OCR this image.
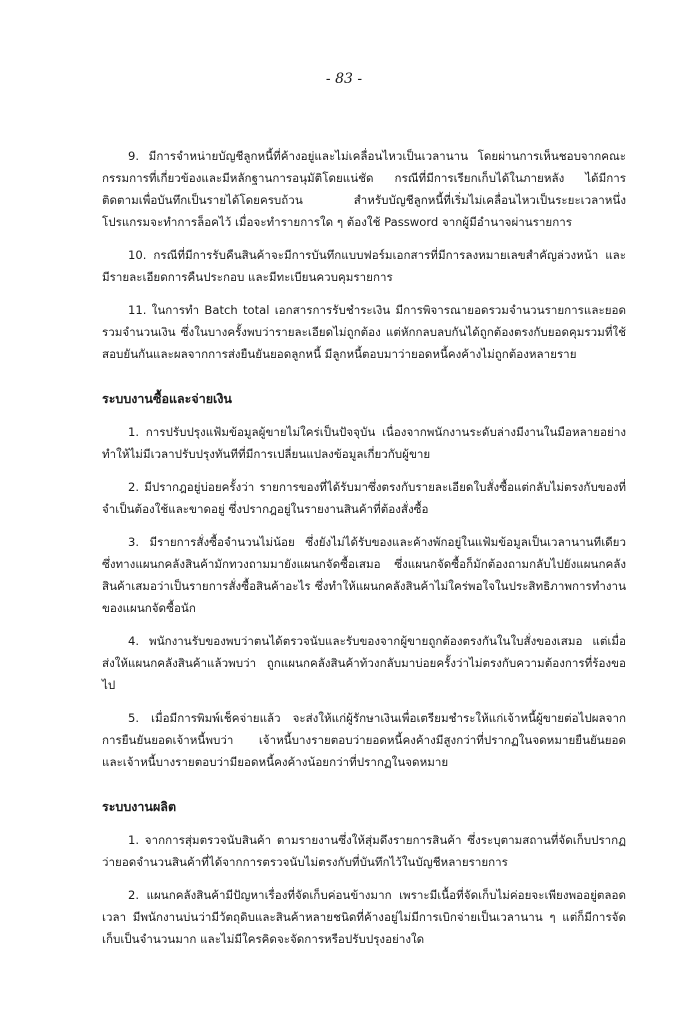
- 83 -

9. มีการจำหน่ายบัญชีลูกหนี้ที่ค้างอยู่และไม่เคลื่อนไหวเป็นเวลานาน โดยผ่านการเห็นชอบจากคณะกรรมการที่เกี่ยวข้องและมีหลักฐานการอนุมัติโดยแน่ชัด กรณีที่มีการเรียกเก็บได้ในภายหลัง ได้มีการติดตามเพื่อบันทึกเป็นรายได้โดยครบถ้วน สำหรับบัญชีลูกหนี้ที่เริ่มไม่เคลื่อนไหวเป็นระยะเวลาหนึ่ง โปรแกรมจะทำการล็อคไว้ เมื่อจะทำรายการใด ๆ ต้องใช้ Password จากผู้มีอำนาจผ่านรายการ

10. กรณีที่มีการรับคืนสินค้าจะมีการบันทึกแบบฟอร์มเอกสารที่มีการลงหมายเลขสำคัญล่วงหน้า และมีรายละเอียดการคืนประกอบ และมีทะเบียนควบคุมรายการ

11. ในการทำ Batch total เอกสารการรับชำระเงิน มีการพิจารณายอดรวมจำนวนรายการและยอดรวมจำนวนเงิน ซึ่งในบางครั้งพบว่ารายละเอียดไม่ถูกต้อง แต่หักกลบลบกันได้ถูกต้องตรงกับยอดคุมรวมที่ใช้สอบยันกันและผลจากการส่งยืนยันยอดลูกหนี้ มีลูกหนี้ตอบมาว่ายอดหนี้คงค้างไม่ถูกต้องหลายราย

ระบบงานซื้อและจ่ายเงิน

1. การปรับปรุงแฟ้มข้อมูลผู้ขายไม่ใคร่เป็นปัจจุบัน เนื่องจากพนักงานระดับล่างมีงานในมือหลายอย่างทำให้ไม่มีเวลาปรับปรุงทันทีที่มีการเปลี่ยนแปลงข้อมูลเกี่ยวกับผู้ขาย

2. มีปรากฎอยู่บ่อยครั้งว่า รายการของที่ได้รับมาซึ่งตรงกับรายละเอียดใบสั่งซื้อแต่กลับไม่ตรงกับของที่จำเป็นต้องใช้และขาดอยู่ ซึ่งปรากฎอยู่ในรายงานสินค้าที่ต้องสั่งซื้อ

3. มีรายการสั่งซื้อจำนวนไม่น้อย ซึ่งยังไม่ได้รับของและค้างพักอยู่ในแฟ้มข้อมูลเป็นเวลานานทีเดียว ซึ่งทางแผนกคลังสินค้ามักทวงถามมายังแผนกจัดซื้อเสมอ ซึ่งแผนกจัดซื้อก็มักต้องถามกลับไปยังแผนกคลังสินค้าเสมอว่าเป็นรายการสั่งซื้อสินค้าอะไร ซึ่งทำให้แผนกคลังสินค้าไม่ใคร่พอใจในประสิทธิภาพการทำงานของแผนกจัดซื้อนัก

4. พนักงานรับของพบว่าตนได้ตรวจนับและรับของจากผู้ขายถูกต้องตรงกันในใบสั่งของเสมอ แต่เมื่อส่งให้แผนกคลังสินค้าแล้วพบว่า ถูกแผนกคลังสินค้าท้วงกลับมาบ่อยครั้งว่าไม่ตรงกับความต้องการที่ร้องขอไป

5. เมื่อมีการพิมพ์เช็คจ่ายแล้ว จะส่งให้แก่ผู้รักษาเงินเพื่อเตรียมชำระให้แก่เจ้าหนี้ผู้ขายต่อไปผลจากการยืนยันยอดเจ้าหนี้พบว่า เจ้าหนี้บางรายตอบว่ายอดหนี้คงค้างมีสูงกว่าที่ปรากฏในจดหมายยืนยันยอด และเจ้าหนี้บางรายตอบว่ามียอดหนี้คงค้างน้อยกว่าที่ปรากฏในจดหมาย

ระบบงานผลิต

1. จากการสุ่มตรวจนับสินค้า ตามรายงานซึ่งให้สุ่มดึงรายการสินค้า ซึ่งระบุตามสถานที่จัดเก็บปรากฏว่ายอดจำนวนสินค้าที่ได้จากการตรวจนับไม่ตรงกับที่บันทึกไว้ในบัญชีหลายรายการ

2. แผนกคลังสินค้ามีปัญหาเรื่องที่จัดเก็บค่อนข้างมาก เพราะมีเนื้อที่จัดเก็บไม่ค่อยจะเพียงพออยู่ตลอดเวลา มีพนักงานบ่นว่ามีวัตถุดิบและสินค้าหลายชนิดที่ค้างอยู่ไม่มีการเบิกจ่ายเป็นเวลานาน ๆ แต่ก็มีการจัดเก็บเป็นจำนวนมาก และไม่มีใครคิดจะจัดการหรือปรับปรุงอย่างใด
